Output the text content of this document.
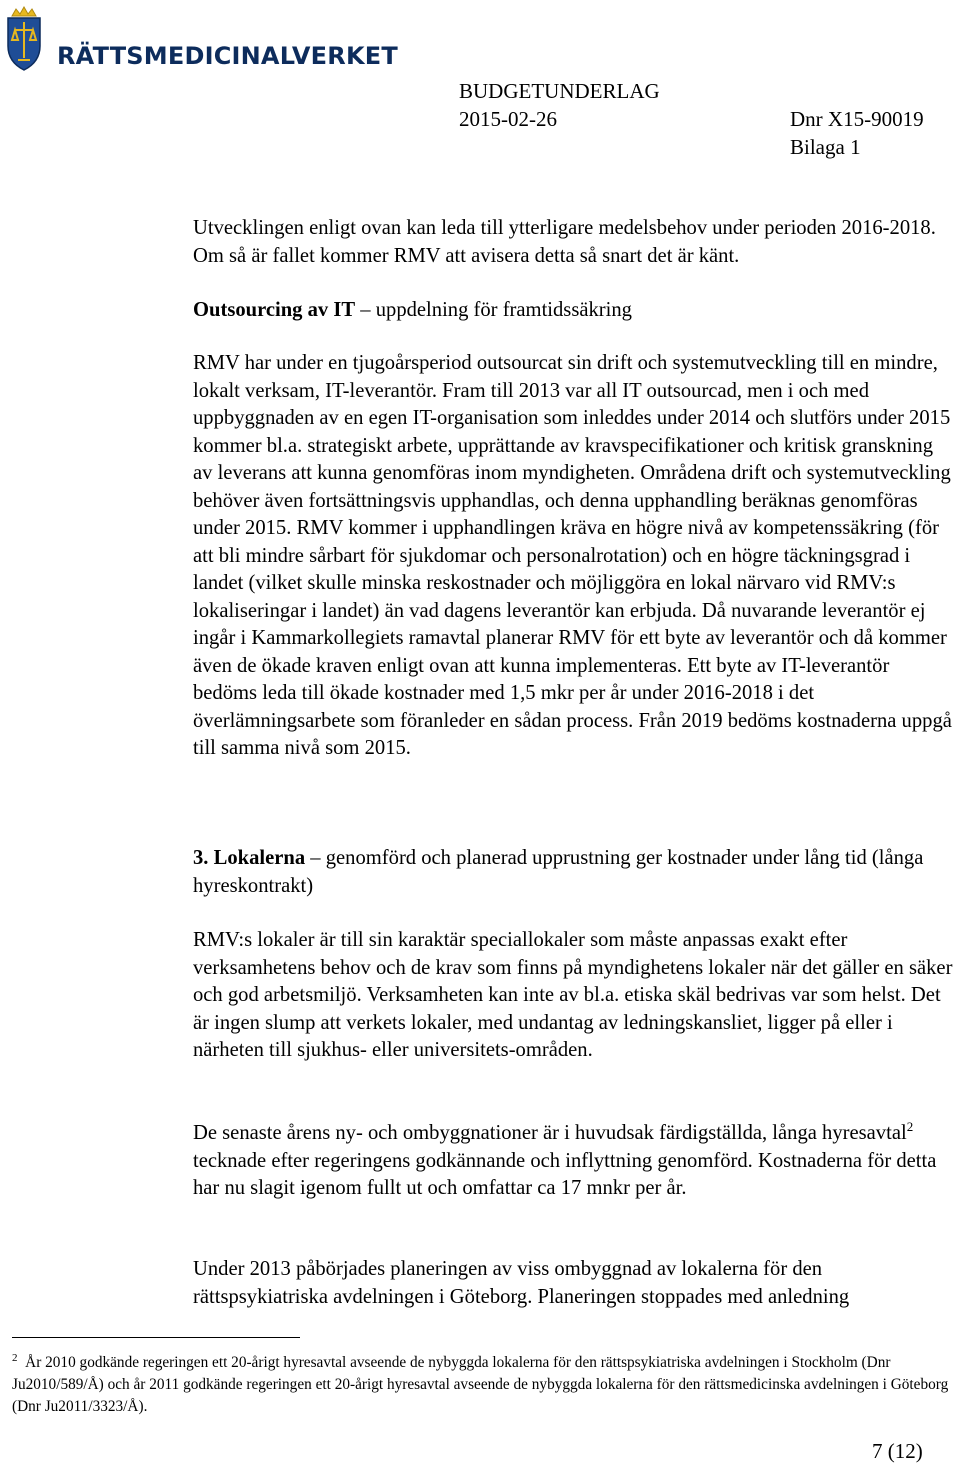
RÄTTSMEDICINALVERKET
BUDGETUNDERLAG
2015-02-26	Dnr X15-90019
Bilaga 1

Utvecklingen enligt ovan kan leda till ytterligare medelsbehov under perioden 2016-2018. Om så är fallet kommer RMV att avisera detta så snart det är känt.

Outsourcing av IT – uppdelning för framtidssäkring

RMV har under en tjugoårsperiod outsourcat sin drift och systemutveckling till en mindre, lokalt verksam, IT-leverantör. Fram till 2013 var all IT outsourcad, men i och med uppbyggnaden av en egen IT-organisation som inleddes under 2014 och slutförs under 2015 kommer bl.a. strategiskt arbete, upprättande av kravspecifikationer och kritisk granskning av leverans att kunna genomföras inom myndigheten. Områdena drift och systemutveckling behöver även fortsättningsvis upphandlas, och denna upphandling beräknas genomföras under 2015. RMV kommer i upphandlingen kräva en högre nivå av kompetenssäkring (för att bli mindre sårbart för sjukdomar och personalrotation) och en högre täckningsgrad i landet (vilket skulle minska reskostnader och möjliggöra en lokal närvaro vid RMV:s lokaliseringar i landet) än vad dagens leverantör kan erbjuda. Då nuvarande leverantör ej ingår i Kammarkollegiets ramavtal planerar RMV för ett byte av leverantör och då kommer även de ökade kraven enligt ovan att kunna implementeras. Ett byte av IT-leverantör bedöms leda till ökade kostnader med 1,5 mkr per år under 2016-2018 i det överlämningsarbete som föranleder en sådan process. Från 2019 bedöms kostnaderna uppgå till samma nivå som 2015.

3. Lokalerna – genomförd och planerad upprustning ger kostnader under lång tid (långa hyreskontrakt)

RMV:s lokaler är till sin karaktär speciallokaler som måste anpassas exakt efter verksamhetens behov och de krav som finns på myndighetens lokaler när det gäller en säker och god arbetsmiljö. Verksamheten kan inte av bl.a. etiska skäl bedrivas var som helst. Det är ingen slump att verkets lokaler, med undantag av ledningskansliet, ligger på eller i närheten till sjukhus- eller universitets-områden.

De senaste årens ny- och ombyggnationer är i huvudsak färdigställda, långa hyresavtal$^2$ tecknade efter regeringens godkännande och inflyttning genomförd. Kostnaderna för detta har nu slagit igenom fullt ut och omfattar ca 17 mnkr per år.

Under 2013 påbörjades planeringen av viss ombyggnad av lokalerna för den rättspsykiatriska avdelningen i Göteborg. Planeringen stoppades med anledning

$^2$ År 2010 godkände regeringen ett 20-årigt hyresavtal avseende de nybyggda lokalerna för den rättspsykiatriska avdelningen i Stockholm (Dnr Ju2010/589/Å) och år 2011 godkände regeringen ett 20-årigt hyresavtal avseende de nybyggda lokalerna för den rättsmedicinska avdelningen i Göteborg (Dnr Ju2011/3323/Å).

7 (12)
